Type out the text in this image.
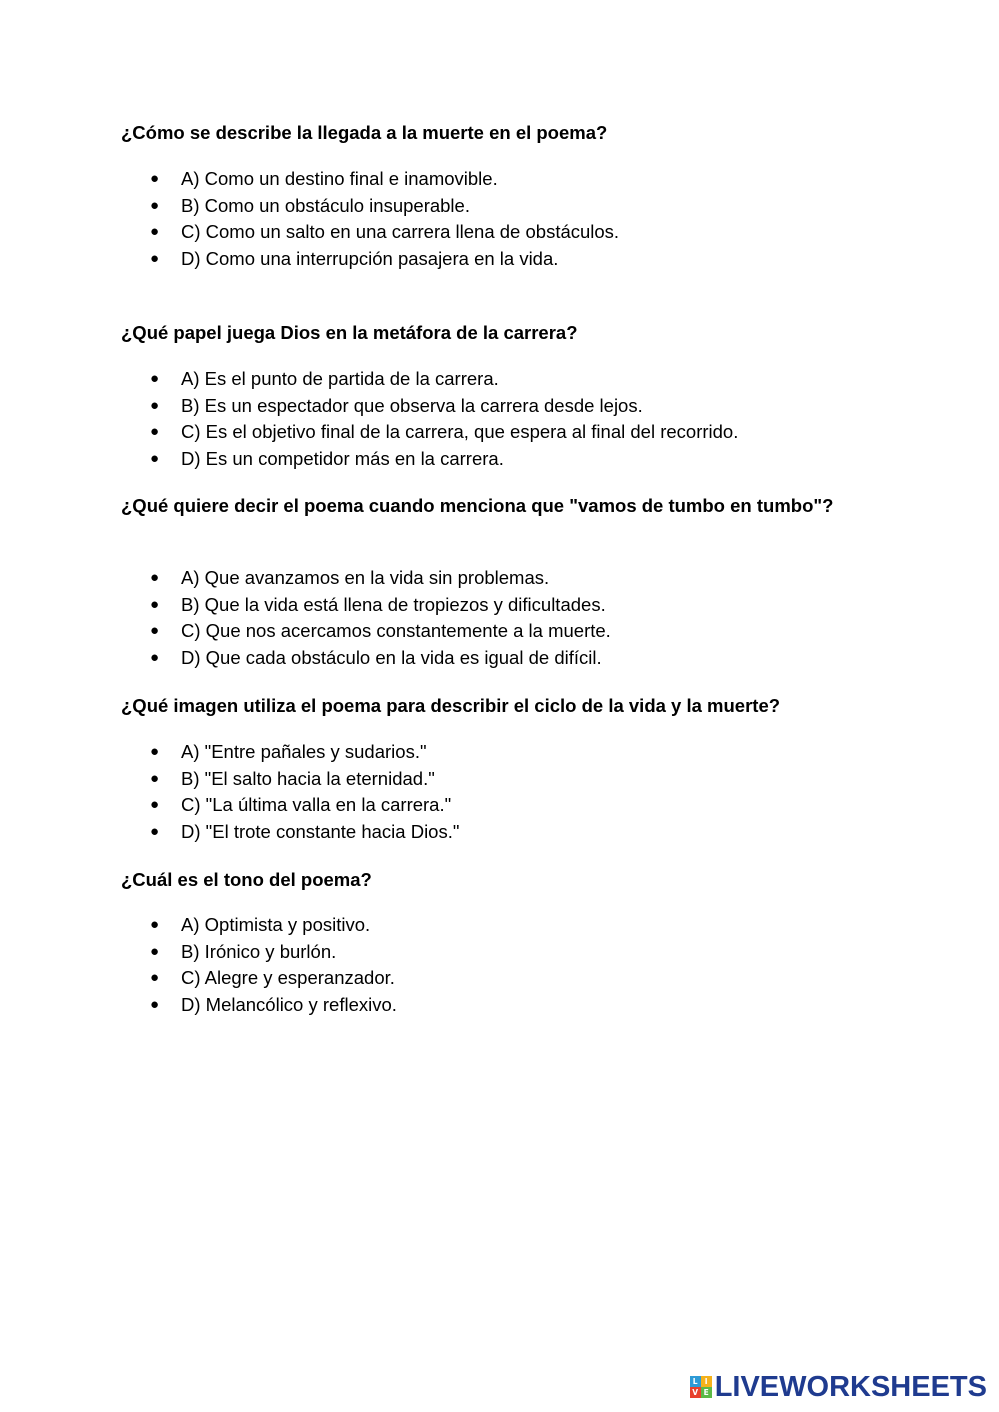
¿Cómo se describe la llegada a la muerte en el poema?

● A) Como un destino final e inamovible.
● B) Como un obstáculo insuperable.
● C) Como un salto en una carrera llena de obstáculos.
● D) Como una interrupción pasajera en la vida.

¿Qué papel juega Dios en la metáfora de la carrera?

● A) Es el punto de partida de la carrera.
● B) Es un espectador que observa la carrera desde lejos.
● C) Es el objetivo final de la carrera, que espera al final del recorrido.
● D) Es un competidor más en la carrera.

¿Qué quiere decir el poema cuando menciona que "vamos de tumbo en tumbo"?

● A) Que avanzamos en la vida sin problemas.
● B) Que la vida está llena de tropiezos y dificultades.
● C) Que nos acercamos constantemente a la muerte.
● D) Que cada obstáculo en la vida es igual de difícil.

¿Qué imagen utiliza el poema para describir el ciclo de la vida y la muerte?

● A) "Entre pañales y sudarios."
● B) "El salto hacia la eternidad."
● C) "La última valla en la carrera."
● D) "El trote constante hacia Dios."

¿Cuál es el tono del poema?

● A) Optimista y positivo.
● B) Irónico y burlón.
● C) Alegre y esperanzador.
● D) Melancólico y reflexivo.
L I
V E LIVEWORKSHEETS
